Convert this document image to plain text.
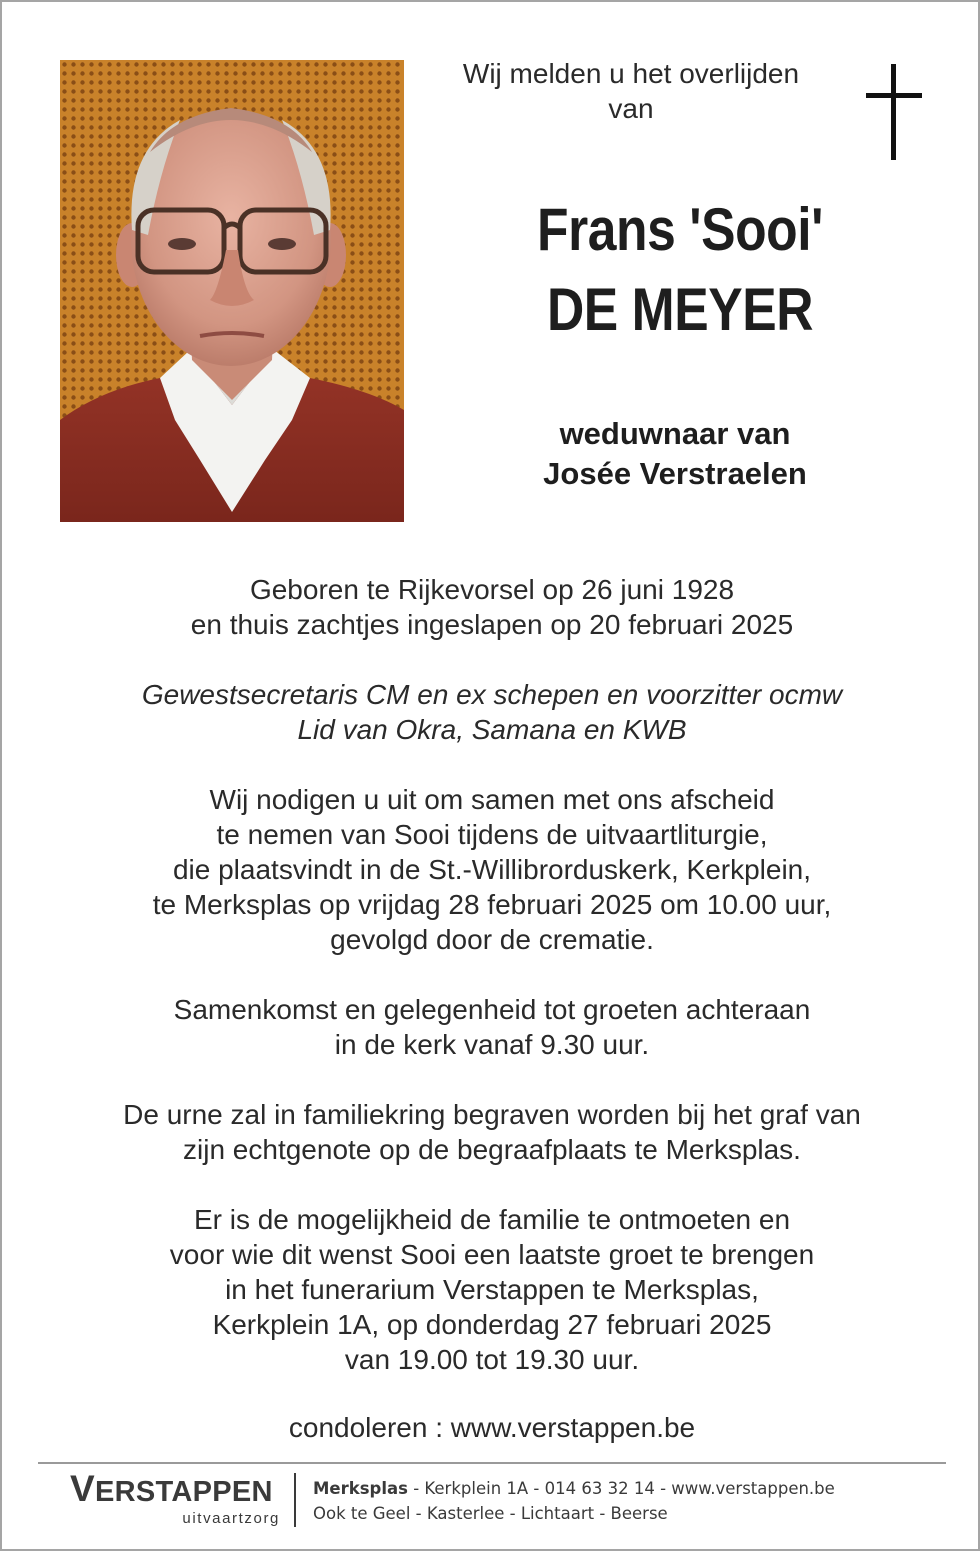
Wij melden u het overlijden
van
Frans 'Sooi'
DE MEYER
weduwnaar van
Josée Verstraelen
Geboren te Rijkevorsel op 26 juni 1928
en thuis zachtjes ingeslapen op 20 februari 2025
Gewestsecretaris CM en ex schepen en voorzitter ocmw
Lid van Okra, Samana en KWB
Wij nodigen u uit om samen met ons afscheid
te nemen van Sooi tijdens de uitvaartliturgie,
die plaatsvindt in de St.-Willibrorduskerk, Kerkplein,
te Merksplas op vrijdag 28 februari 2025 om 10.00 uur,
gevolgd door de crematie.
Samenkomst en gelegenheid tot groeten achteraan
in de kerk vanaf 9.30 uur.
De urne zal in familiekring begraven worden bij het graf van
zijn echtgenote op de begraafplaats te Merksplas.
Er is de mogelijkheid de familie te ontmoeten en
voor wie dit wenst Sooi een laatste groet te brengen
in het funerarium Verstappen te Merksplas,
Kerkplein 1A, op donderdag 27 februari 2025
van 19.00 tot 19.30 uur.
condoleren : www.verstappen.be
VERSTAPPEN
uitvaartzorg
Merksplas - Kerkplein 1A - 014 63 32 14 - www.verstappen.be
Ook te Geel - Kasterlee - Lichtaart - Beerse
